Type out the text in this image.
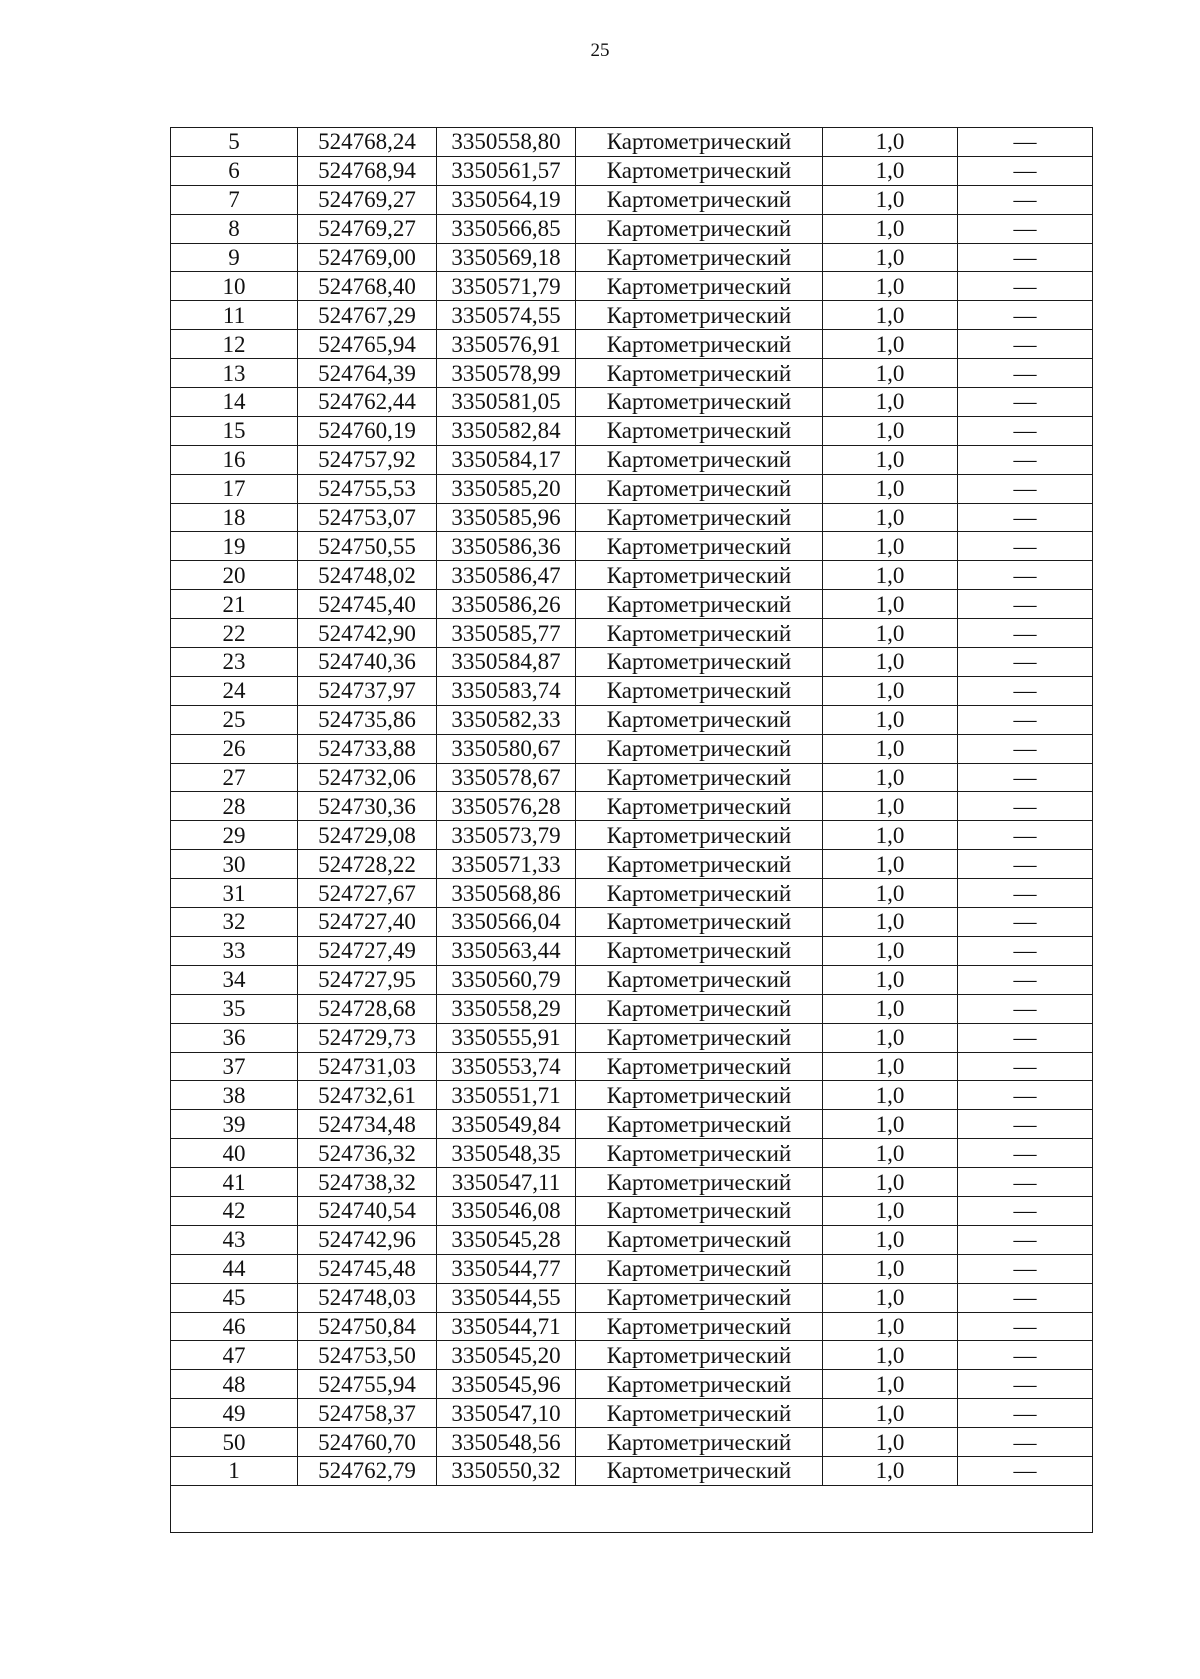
25
5	524768,24	3350558,80	Картометрический	1,0	—
6	524768,94	3350561,57	Картометрический	1,0	—
7	524769,27	3350564,19	Картометрический	1,0	—
8	524769,27	3350566,85	Картометрический	1,0	—
9	524769,00	3350569,18	Картометрический	1,0	—
10	524768,40	3350571,79	Картометрический	1,0	—
11	524767,29	3350574,55	Картометрический	1,0	—
12	524765,94	3350576,91	Картометрический	1,0	—
13	524764,39	3350578,99	Картометрический	1,0	—
14	524762,44	3350581,05	Картометрический	1,0	—
15	524760,19	3350582,84	Картометрический	1,0	—
16	524757,92	3350584,17	Картометрический	1,0	—
17	524755,53	3350585,20	Картометрический	1,0	—
18	524753,07	3350585,96	Картометрический	1,0	—
19	524750,55	3350586,36	Картометрический	1,0	—
20	524748,02	3350586,47	Картометрический	1,0	—
21	524745,40	3350586,26	Картометрический	1,0	—
22	524742,90	3350585,77	Картометрический	1,0	—
23	524740,36	3350584,87	Картометрический	1,0	—
24	524737,97	3350583,74	Картометрический	1,0	—
25	524735,86	3350582,33	Картометрический	1,0	—
26	524733,88	3350580,67	Картометрический	1,0	—
27	524732,06	3350578,67	Картометрический	1,0	—
28	524730,36	3350576,28	Картометрический	1,0	—
29	524729,08	3350573,79	Картометрический	1,0	—
30	524728,22	3350571,33	Картометрический	1,0	—
31	524727,67	3350568,86	Картометрический	1,0	—
32	524727,40	3350566,04	Картометрический	1,0	—
33	524727,49	3350563,44	Картометрический	1,0	—
34	524727,95	3350560,79	Картометрический	1,0	—
35	524728,68	3350558,29	Картометрический	1,0	—
36	524729,73	3350555,91	Картометрический	1,0	—
37	524731,03	3350553,74	Картометрический	1,0	—
38	524732,61	3350551,71	Картометрический	1,0	—
39	524734,48	3350549,84	Картометрический	1,0	—
40	524736,32	3350548,35	Картометрический	1,0	—
41	524738,32	3350547,11	Картометрический	1,0	—
42	524740,54	3350546,08	Картометрический	1,0	—
43	524742,96	3350545,28	Картометрический	1,0	—
44	524745,48	3350544,77	Картометрический	1,0	—
45	524748,03	3350544,55	Картометрический	1,0	—
46	524750,84	3350544,71	Картометрический	1,0	—
47	524753,50	3350545,20	Картометрический	1,0	—
48	524755,94	3350545,96	Картометрический	1,0	—
49	524758,37	3350547,10	Картометрический	1,0	—
50	524760,70	3350548,56	Картометрический	1,0	—
1	524762,79	3350550,32	Картометрический	1,0	—
